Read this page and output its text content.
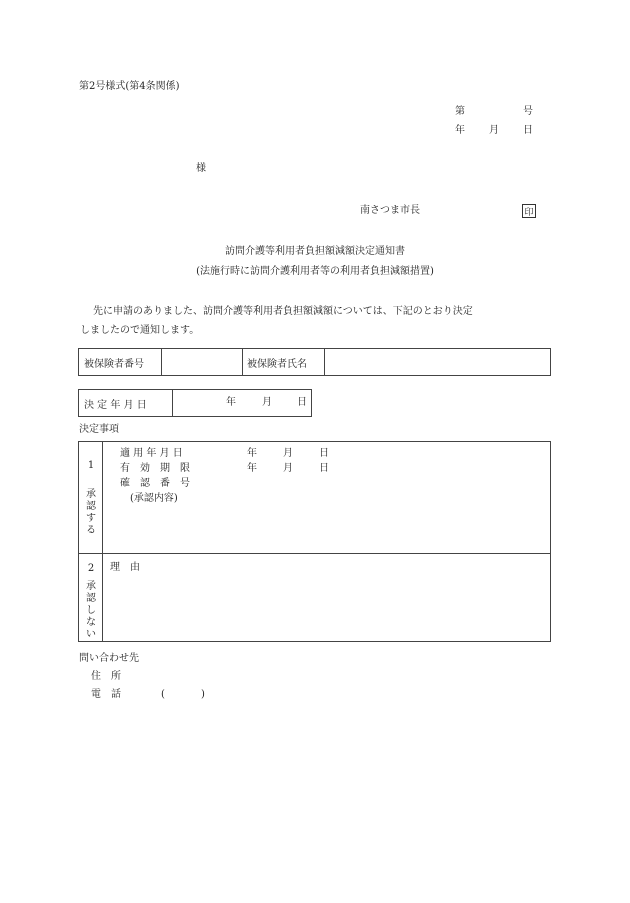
第2号様式(第4条関係)
第	号
年 月 日
様
南さつま市長	印
訪問介護等利用者負担額減額決定通知書
(法施行時に訪問介護利用者等の利用者負担減額措置)
先に申請のありました、訪問介護等利用者負担額減額については、下記のとおり決定
しましたので通知します。
被保険者番号	被保険者氏名
決 定 年 月 日	年	月	日
決定事項
1
承
認
す
る
適 用 年 月 日	年	月	日
有　効　期　限	年	月	日
確　認　番　号
(承認内容)
2
承
認
し
な
い
理　由
問い合わせ先
住　所
電　話	(	)
